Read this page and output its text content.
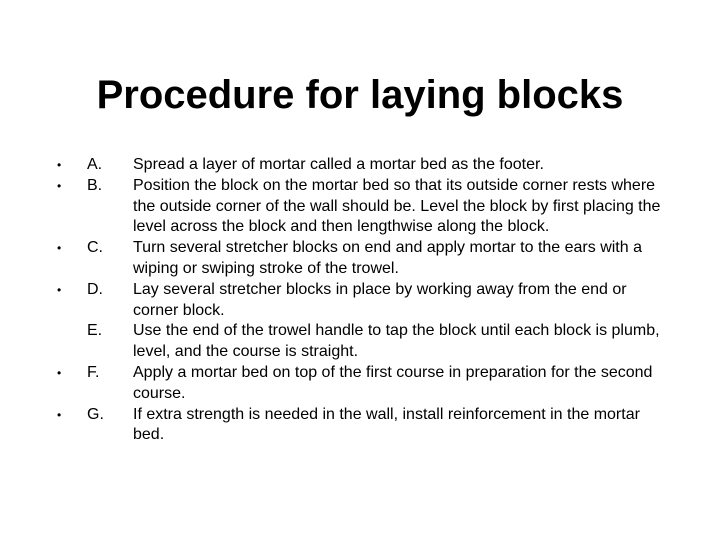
Procedure for laying blocks
•	A.	Spread a layer of mortar called a mortar bed as the footer.
•	B.	Position the block on the mortar bed so that its outside corner rests where the outside corner of the wall should be. Level the block by first placing the level across the block and then lengthwise along the block.
•	C.	Turn several stretcher blocks on end and apply mortar to the ears with a wiping or swiping stroke of the trowel.
•	D.	Lay several stretcher blocks in place by working away from the end or corner block.
E.	Use the end of the trowel handle to tap the block until each block is plumb, level, and the course is straight.
•	F.	Apply a mortar bed on top of the first course in preparation for the second course.
•	G.	If extra strength is needed in the wall, install reinforcement in the mortar bed.
